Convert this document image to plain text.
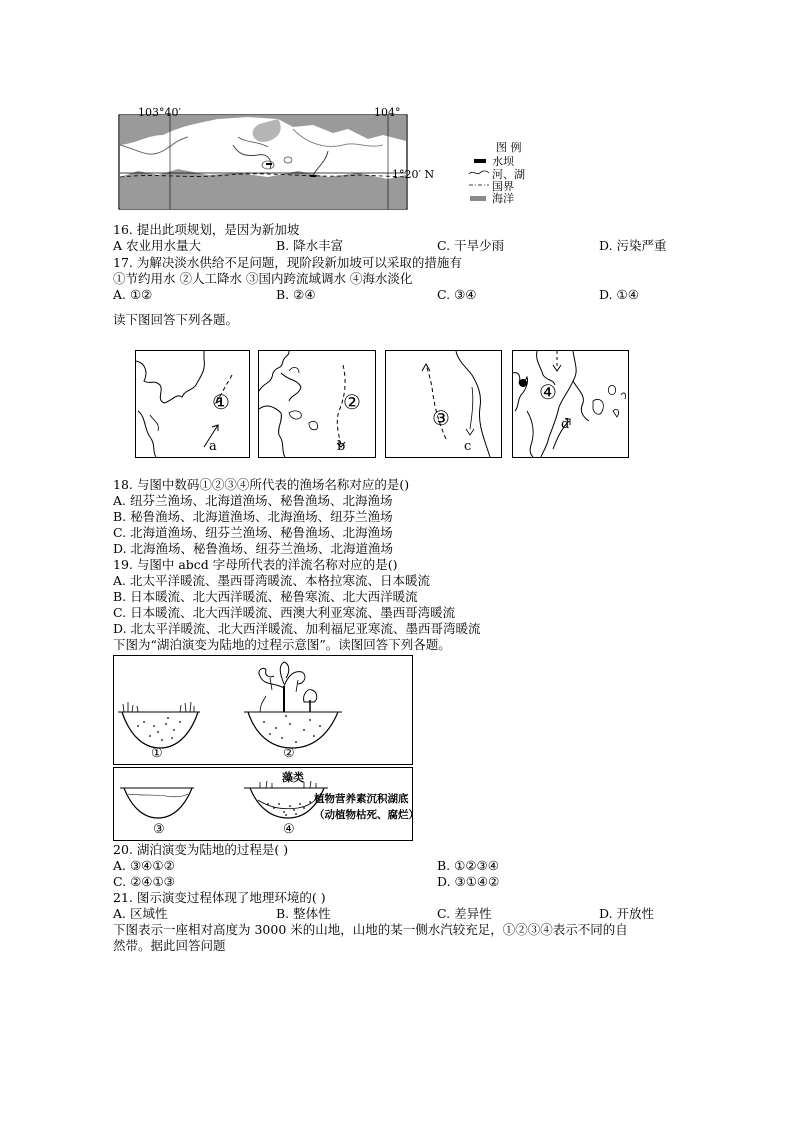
103°40′	104°
1°20′ N
图 例
水坝
河、湖
国界
海洋
16. 提出此项规划，是因为新加坡
A 农业用水量大	B. 降水丰富	C. 干旱少雨	D. 污染严重
17. 为解决淡水供给不足问题，现阶段新加坡可以采取的措施有
①节约用水 ②人工降水 ③国内跨流域调水 ④海水淡化
A. ①②	B. ②④	C. ③④	D. ①④
读下图回答下列各题。
①
a
②
b
③
c
④
d
18. 与图中数码①②③④所代表的渔场名称对应的是()
A. 纽芬兰渔场、北海道渔场、秘鲁渔场、北海渔场
B. 秘鲁渔场、北海道渔场、北海渔场、纽芬兰渔场
C. 北海道渔场、纽芬兰渔场、秘鲁渔场、北海渔场
D. 北海渔场、秘鲁渔场、纽芬兰渔场、北海道渔场
19. 与图中 abcd 字母所代表的洋流名称对应的是()
A. 北太平洋暖流、墨西哥湾暖流、本格拉寒流、日本暖流
B. 日本暖流、北大西洋暖流、秘鲁寒流、北大西洋暖流
C. 日本暖流、北大西洋暖流、西澳大利亚寒流、墨西哥湾暖流
D. 北太平洋暖流、北大西洋暖流、加利福尼亚寒流、墨西哥湾暖流
下图为“湖泊演变为陆地的过程示意图”。读图回答下列各题。
①	②
藻类
植物营养素沉积湖底
（动植物枯死、腐烂）
③	④
20. 湖泊演变为陆地的过程是( )
A. ③④①②	B. ①②③④
C. ②④①③	D. ③①④②
21. 图示演变过程体现了地理环境的( )
A. 区域性	B. 整体性	C. 差异性	D. 开放性
下图表示一座相对高度为 3000 米的山地，山地的某一侧水汽较充足，①②③④表示不同的自
然带。据此回答问题
